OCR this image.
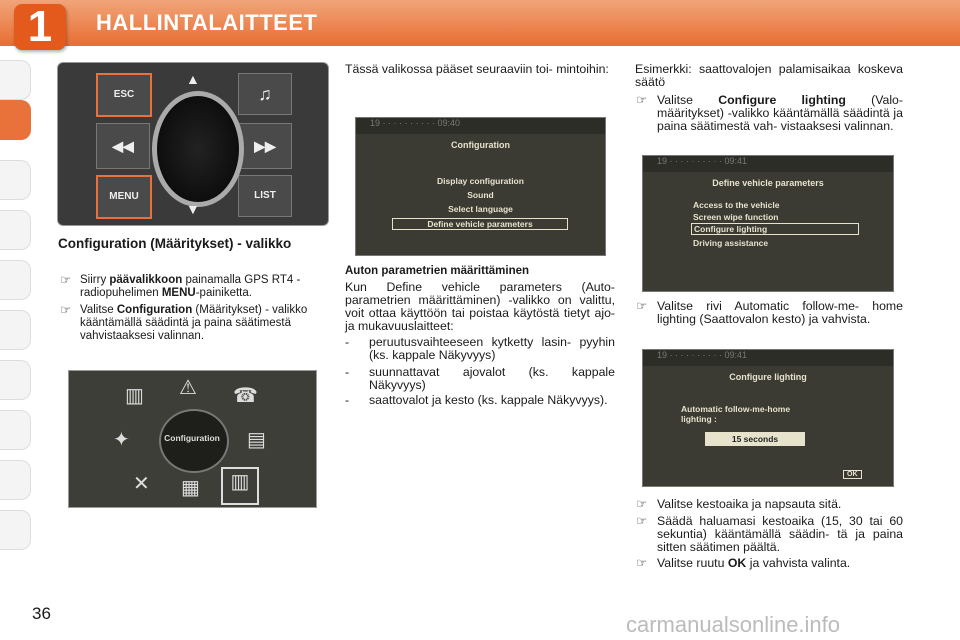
1	HALLINTALAITTEET
ESC
MENU	LIST
♫
◀◀	▶▶
▲
▼
Configuration (Määritykset) - valikko
☞ Siirry päävalikkoon painamalla GPS RT4 -radiopuhelimen MENU-painiketta.
☞ Valitse Configuration (Määritykset) - valikko kääntämällä säädintä ja paina säätimestä vahvistaaksesi valinnan.
Configuration
▥ ⚠ ☎
✦	▤
✕ ▦	▥
Tässä valikossa pääset seuraaviin toi- mintoihin:
19 · · · · · · · · · · 09:40
Configuration
Display configuration
Sound
Select language
Define vehicle parameters
Auton parametrien määrittäminen
Kun Define vehicle parameters (Auto- parametrien määrittäminen) -valikko on valittu, voit ottaa käyttöön tai poistaa käytöstä tietyt ajo- ja mukavuuslaitteet:
- peruutusvaihteeseen kytketty lasin- pyyhin (ks. kappale Näkyvyys)
- suunnattavat ajovalot (ks. kappale Näkyvyys)
- saattovalot ja kesto (ks. kappale Näkyvyys).
Esimerkki: saattovalojen palamisaikaa koskeva säätö
☞ Valitse Configure lighting (Valo- määritykset) -valikko kääntämällä säädintä ja paina säätimestä vah- vistaaksesi valinnan.
19 · · · · · · · · · · 09:41
Define vehicle parameters
Access to the vehicle
Screen wipe function
Configure lighting
Driving assistance
☞ Valitse rivi Automatic follow-me- home lighting (Saattovalon kesto) ja vahvista.
19 · · · · · · · · · · 09:41
Configure lighting
Automatic follow-me-home lighting :
15 seconds
OK
☞ Valitse kestoaika ja napsauta sitä.
☞ Säädä haluamasi kestoaika (15, 30 tai 60 sekuntia) kääntämällä säädin- tä ja paina sitten säätimen päältä.
☞ Valitse ruutu OK ja vahvista valinta.
36	carmanualsonline.info
